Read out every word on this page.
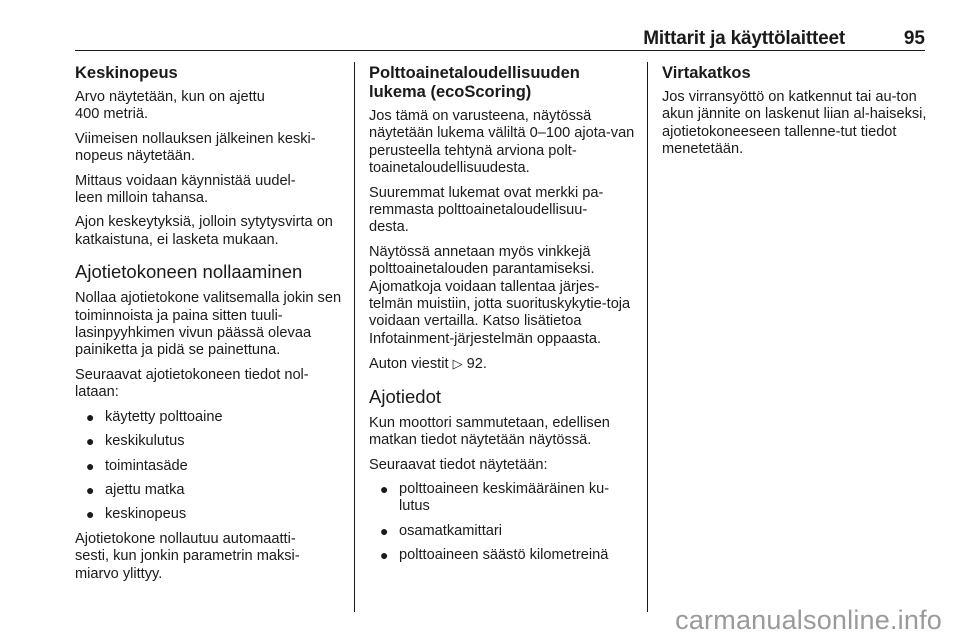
Mittarit ja käyttölaitteet	95
Keskinopeus
Arvo näytetään, kun on ajettu 400 metriä.
Viimeisen nollauksen jälkeinen keski-nopeus näytetään.
Mittaus voidaan käynnistää uudel-leen milloin tahansa.
Ajon keskeytyksiä, jolloin sytytysvirta on katkaistuna, ei lasketa mukaan.
Ajotietokoneen nollaaminen
Nollaa ajotietokone valitsemalla jokin sen toiminnoista ja paina sitten tuuli-lasinpyyhkimen vivun päässä olevaa painiketta ja pidä se painettuna.
Seuraavat ajotietokoneen tiedot nol-lataan:
● käytetty polttoaine
● keskikulutus
● toimintasäde
● ajettu matka
● keskinopeus
Ajotietokone nollautuu automaatti-sesti, kun jonkin parametrin maksi-miarvo ylittyy.
Polttoainetaloudellisuuden lukema (ecoScoring)
Jos tämä on varusteena, näytössä näytetään lukema väliltä 0–100 ajota-van perusteella tehtynä arviona polt-toainetaloudellisuudesta.
Suuremmat lukemat ovat merkki pa-remmasta polttoainetaloudellisuu-desta.
Näytössä annetaan myös vinkkejä polttoainetalouden parantamiseksi. Ajomatkoja voidaan tallentaa järjes-telmän muistiin, jotta suorituskykytie-toja voidaan vertailla. Katso lisätietoa Infotainment-järjestelmän oppaasta.
Auton viestit ▷ 92.
Ajotiedot
Kun moottori sammutetaan, edellisen matkan tiedot näytetään näytössä.
Seuraavat tiedot näytetään:
● polttoaineen keskimääräinen ku-lutus
● osamatkamittari
● polttoaineen säästö kilometreinä
Virtakatkos
Jos virransyöttö on katkennut tai au-ton akun jännite on laskenut liian al-haiseksi, ajotietokoneeseen tallenne-tut tiedot menetetään.
carmanualsonline.info
